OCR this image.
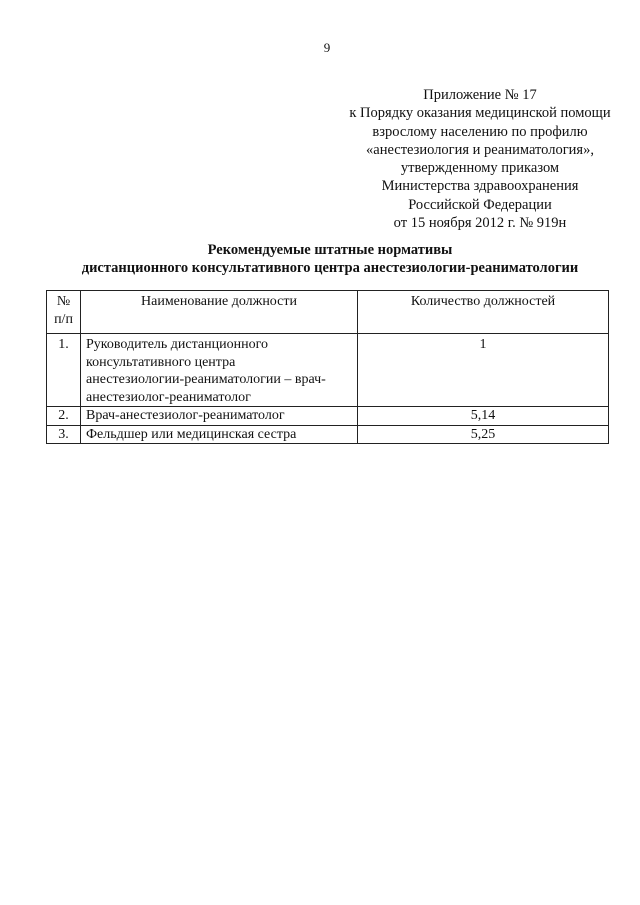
9
Приложение № 17
к Порядку оказания медицинской помощи
взрослому населению по профилю
«анестезиология и реаниматология»,
утвержденному приказом
Министерства здравоохранения
Российской Федерации
от 15 ноября 2012 г. № 919н
Рекомендуемые штатные нормативы
дистанционного консультативного центра анестезиологии-реаниматологии
№
п/п	Наименование должности	Количество должностей
1.	Руководитель дистанционного
консультативного центра
анестезиологии-реаниматологии – врач-
анестезиолог-реаниматолог	1
2.	Врач-анестезиолог-реаниматолог	5,14
3.	Фельдшер или медицинская сестра	5,25
